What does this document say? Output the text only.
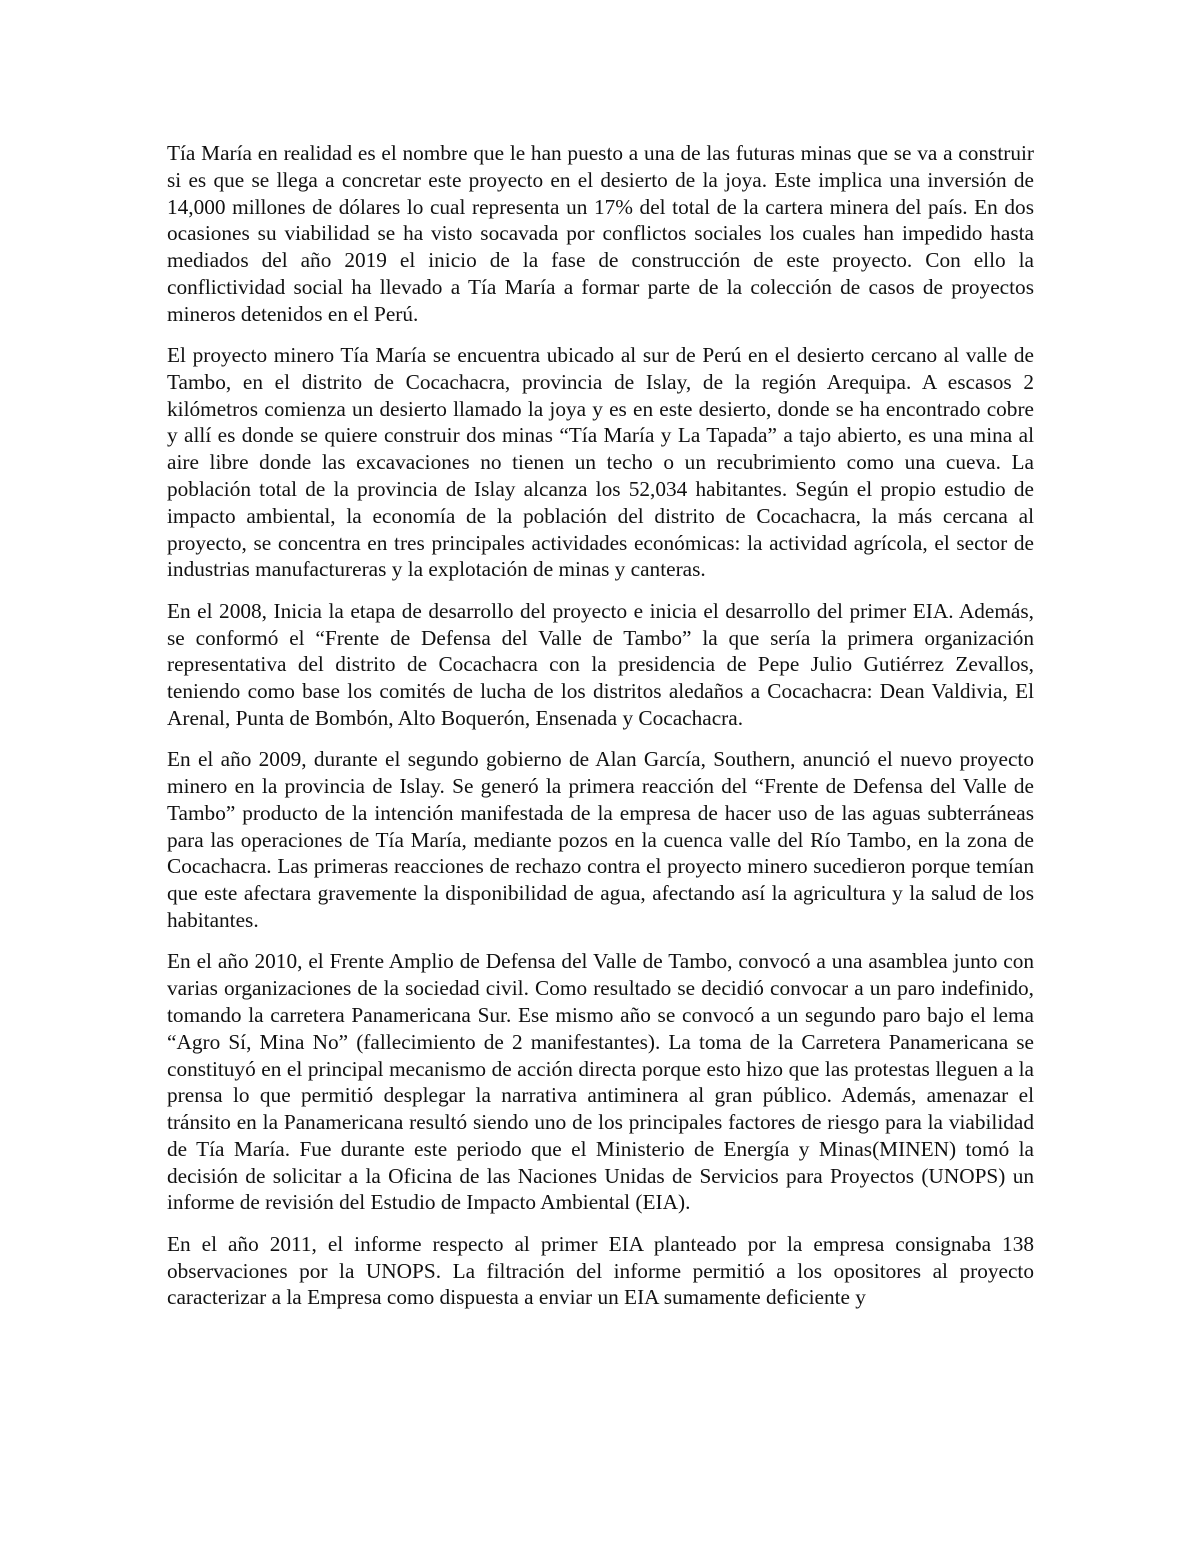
Tía María en realidad es el nombre que le han puesto a una de las futuras minas que se va a construir si es que se llega a concretar este proyecto en el desierto de la joya. Este implica una inversión de 14,000 millones de dólares lo cual representa un 17% del total de la cartera minera del país. En dos ocasiones su viabilidad se ha visto socavada por conflictos sociales los cuales han impedido hasta mediados del año 2019 el inicio de la fase de construcción de este proyecto. Con ello la conflictividad social ha llevado a Tía María a formar parte de la colección de casos de proyectos mineros detenidos en el Perú.

El proyecto minero Tía María se encuentra ubicado al sur de Perú en el desierto cercano al valle de Tambo, en el distrito de Cocachacra, provincia de Islay, de la región Arequipa. A escasos 2 kilómetros comienza un desierto llamado la joya y es en este desierto, donde se ha encontrado cobre y allí es donde se quiere construir dos minas “Tía María y La Tapada” a tajo abierto, es una mina al aire libre donde las excavaciones no tienen un techo o un recubrimiento como una cueva. La población total de la provincia de Islay alcanza los 52,034 habitantes. Según el propio estudio de impacto ambiental, la economía de la población del distrito de Cocachacra, la más cercana al proyecto, se concentra en tres principales actividades económicas: la actividad agrícola, el sector de industrias manufactureras y la explotación de minas y canteras.

En el 2008, Inicia la etapa de desarrollo del proyecto e inicia el desarrollo del primer EIA. Además, se conformó el “Frente de Defensa del Valle de Tambo” la que sería la primera organización representativa del distrito de Cocachacra con la presidencia de Pepe Julio Gutiérrez Zevallos, teniendo como base los comités de lucha de los distritos aledaños a Cocachacra: Dean Valdivia, El Arenal, Punta de Bombón, Alto Boquerón, Ensenada y Cocachacra.

En el año 2009, durante el segundo gobierno de Alan García, Southern, anunció el nuevo proyecto minero en la provincia de Islay. Se generó la primera reacción del “Frente de Defensa del Valle de Tambo” producto de la intención manifestada de la empresa de hacer uso de las aguas subterráneas para las operaciones de Tía María, mediante pozos en la cuenca valle del Río Tambo, en la zona de Cocachacra. Las primeras reacciones de rechazo contra el proyecto minero sucedieron porque temían que este afectara gravemente la disponibilidad de agua, afectando así la agricultura y la salud de los habitantes.

En el año 2010, el Frente Amplio de Defensa del Valle de Tambo, convocó a una asamblea junto con varias organizaciones de la sociedad civil. Como resultado se decidió convocar a un paro indefinido, tomando la carretera Panamericana Sur. Ese mismo año se convocó a un segundo paro bajo el lema “Agro Sí, Mina No” (fallecimiento de 2 manifestantes). La toma de la Carretera Panamericana se constituyó en el principal mecanismo de acción directa porque esto hizo que las protestas lleguen a la prensa lo que permitió desplegar la narrativa antiminera al gran público. Además, amenazar el tránsito en la Panamericana resultó siendo uno de los principales factores de riesgo para la viabilidad de Tía María. Fue durante este periodo que el Ministerio de Energía y Minas(MINEN) tomó la decisión de solicitar a la Oficina de las Naciones Unidas de Servicios para Proyectos (UNOPS) un informe de revisión del Estudio de Impacto Ambiental (EIA).

En el año 2011, el informe respecto al primer EIA planteado por la empresa consignaba 138 observaciones por la UNOPS. La filtración del informe permitió a los opositores al proyecto caracterizar a la Empresa como dispuesta a enviar un EIA sumamente deficiente y
